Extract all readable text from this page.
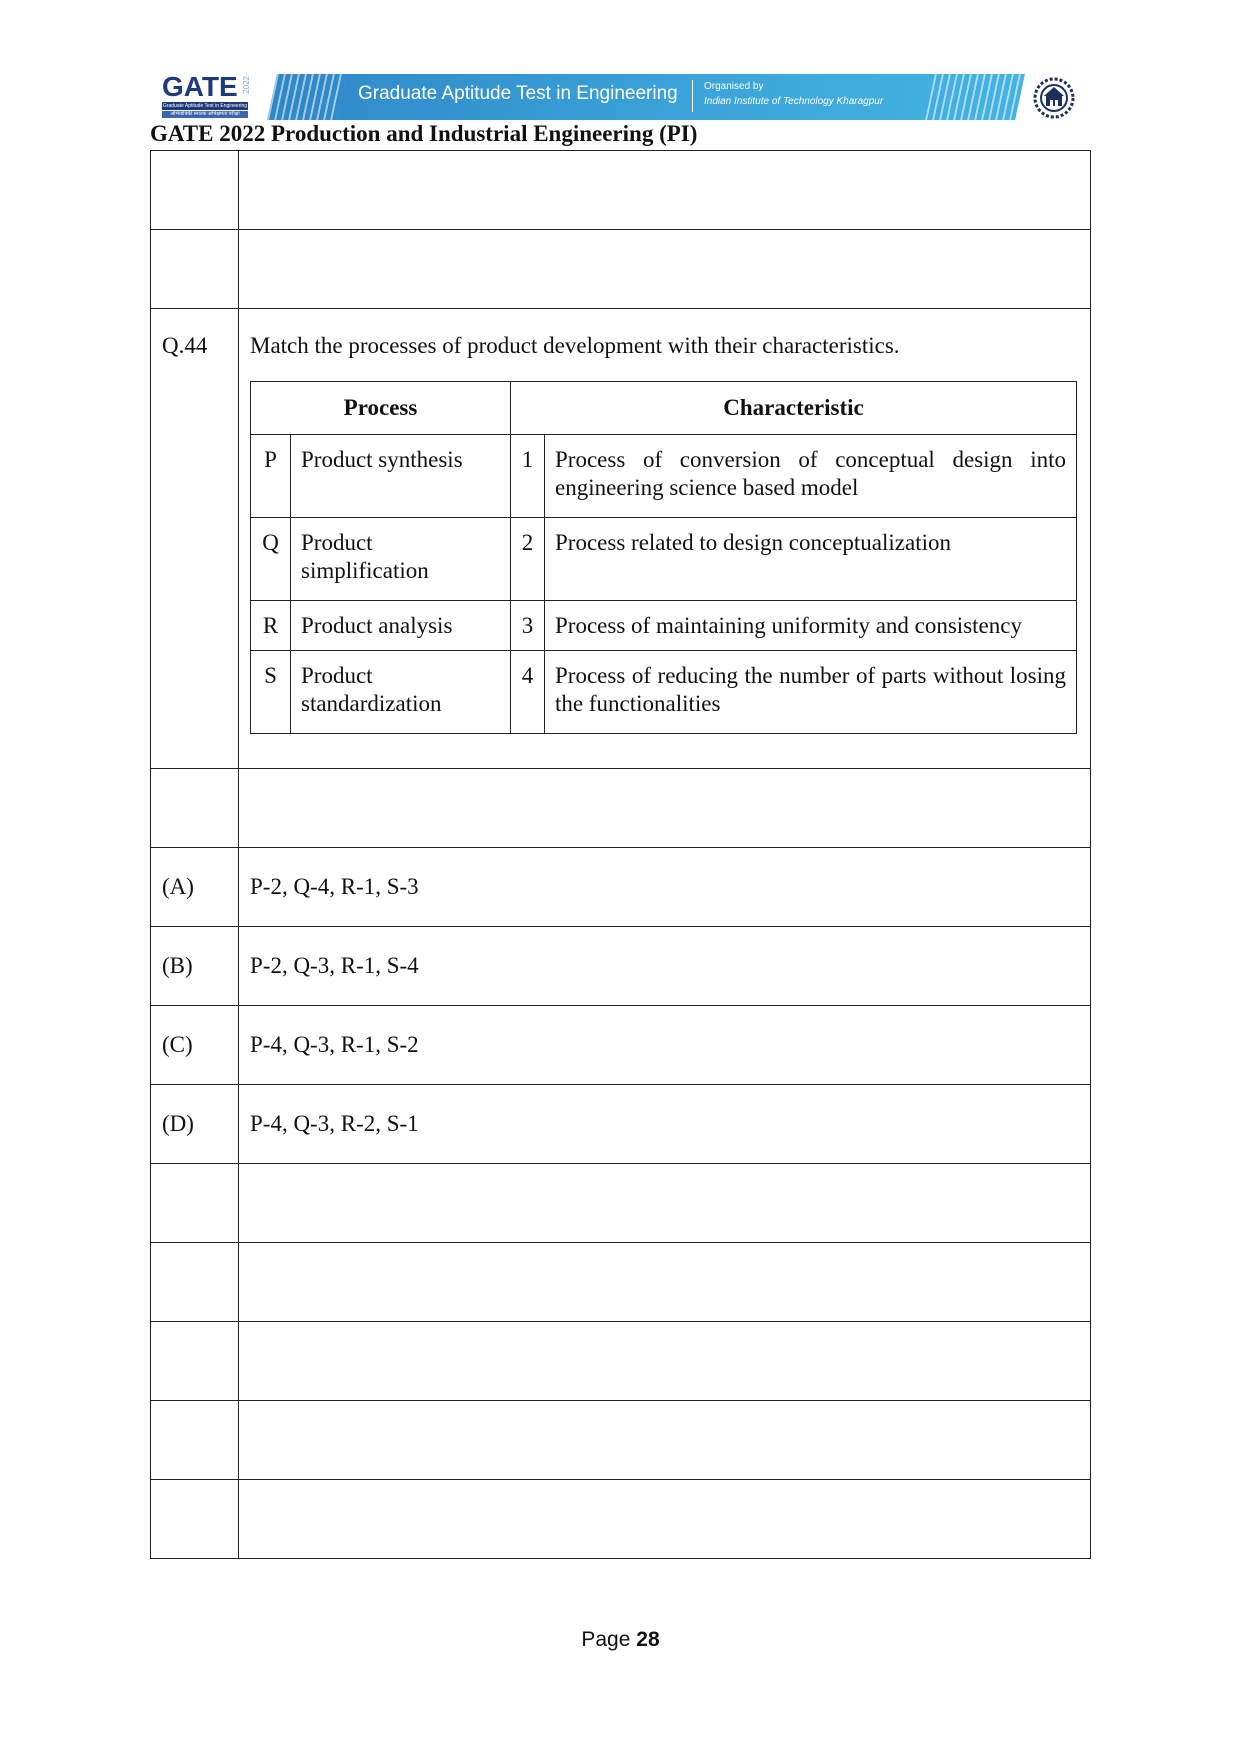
GATE 2022
Graduate Aptitude Test in Engineering
अभियांत्रिकी स्नातक अभिक्षमता परीक्षा
Graduate Aptitude Test in Engineering	Organised by
Indian Institute of Technology Kharagpur
GATE 2022 Production and Industrial Engineering (PI)

Q.44	Match the processes of product development with their characteristics.

Process	Characteristic
P	Product synthesis	1	Process of conversion of conceptual design into engineering science based model
Q	Product simplification	2	Process related to design conceptualization
R	Product analysis	3	Process of maintaining uniformity and consistency
S	Product standardization	4	Process of reducing the number of parts without losing the functionalities

(A)	P-2, Q-4, R-1, S-3
(B)	P-2, Q-3, R-1, S-4
(C)	P-4, Q-3, R-1, S-2
(D)	P-4, Q-3, R-2, S-1

Page 28
